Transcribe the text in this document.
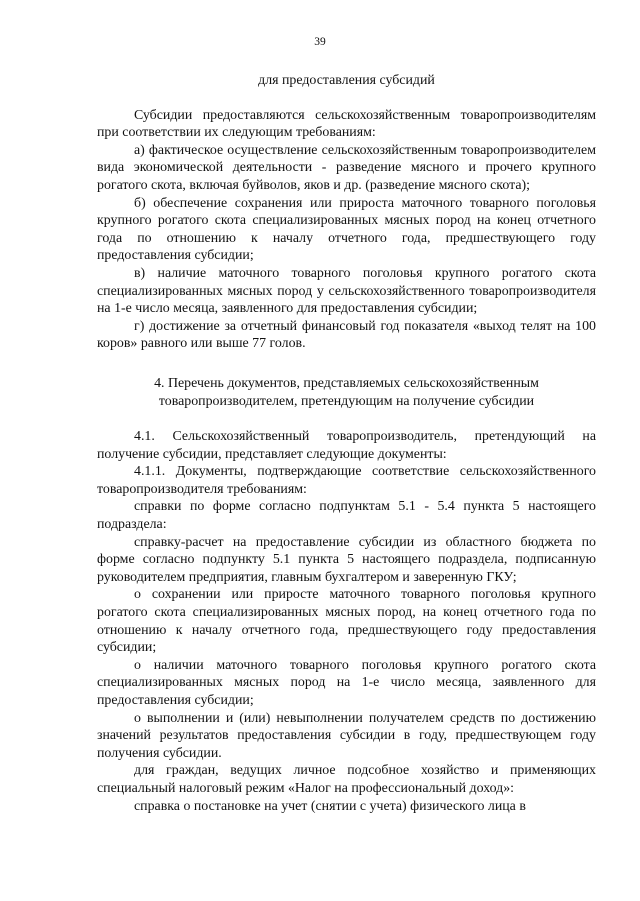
39

для предоставления субсидий

Субсидии предоставляются сельскохозяйственным товаропроизводителям при соответствии их следующим требованиям:

а) фактическое осуществление сельскохозяйственным товаропроизводителем вида экономической деятельности - разведение мясного и прочего крупного рогатого скота, включая буйволов, яков и др. (разведение мясного скота);

б) обеспечение сохранения или прироста маточного товарного поголовья крупного рогатого скота специализированных мясных пород на конец отчетного года по отношению к началу отчетного года, предшествующего году предоставления субсидии;

в) наличие маточного товарного поголовья крупного рогатого скота специализированных мясных пород у сельскохозяйственного товаропроизводителя на 1-е число месяца, заявленного для предоставления субсидии;

г) достижение за отчетный финансовый год показателя «выход телят на 100 коров» равного или выше 77 голов.

4. Перечень документов, представляемых сельскохозяйственным товаропроизводителем, претендующим на получение субсидии

4.1. Сельскохозяйственный товаропроизводитель, претендующий на получение субсидии, представляет следующие документы:

4.1.1. Документы, подтверждающие соответствие сельскохозяйственного товаропроизводителя требованиям:

справки по форме согласно подпунктам 5.1 - 5.4 пункта 5 настоящего подраздела:

справку-расчет на предоставление субсидии из областного бюджета по форме согласно подпункту 5.1 пункта 5 настоящего подраздела, подписанную руководителем предприятия, главным бухгалтером и заверенную ГКУ;

о сохранении или приросте маточного товарного поголовья крупного рогатого скота специализированных мясных пород, на конец отчетного года по отношению к началу отчетного года, предшествующего году предоставления субсидии;

о наличии маточного товарного поголовья крупного рогатого скота специализированных мясных пород на 1-е число месяца, заявленного для предоставления субсидии;

о выполнении и (или) невыполнении получателем средств по достижению значений результатов предоставления субсидии в году, предшествующем году получения субсидии.

для граждан, ведущих личное подсобное хозяйство и применяющих специальный налоговый режим «Налог на профессиональный доход»:

справка о постановке на учет (снятии с учета) физического лица в
